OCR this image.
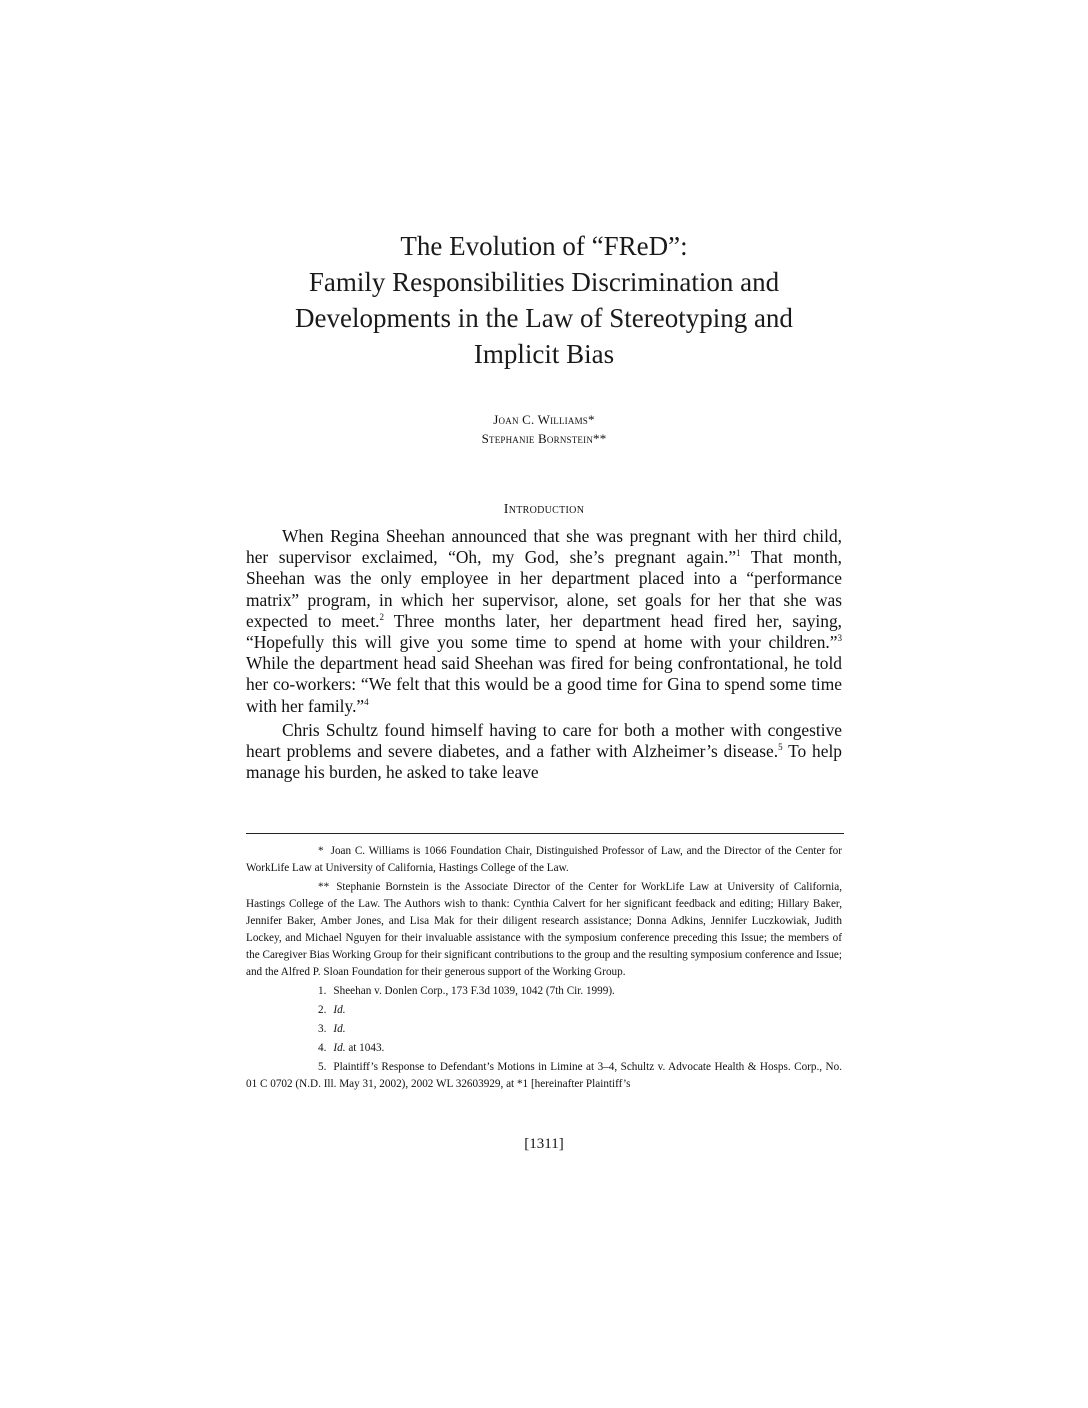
The Evolution of “FReD”:
Family Responsibilities Discrimination and
Developments in the Law of Stereotyping and
Implicit Bias
Joan C. Williams*
Stephanie Bornstein**
Introduction

When Regina Sheehan announced that she was pregnant with her third child, her supervisor exclaimed, “Oh, my God, she’s pregnant again.”$^1$ That month, Sheehan was the only employee in her department placed into a “performance matrix” program, in which her supervisor, alone, set goals for her that she was expected to meet.$^2$ Three months later, her department head fired her, saying, “Hopefully this will give you some time to spend at home with your children.”$^3$ While the department head said Sheehan was fired for being confrontational, he told her co-workers: “We felt that this would be a good time for Gina to spend some time with her family.”$^4$

Chris Schultz found himself having to care for both a mother with congestive heart problems and severe diabetes, and a father with Alzheimer’s disease.$^5$ To help manage his burden, he asked to take leave

* Joan C. Williams is 1066 Foundation Chair, Distinguished Professor of Law, and the Director of the Center for WorkLife Law at University of California, Hastings College of the Law.

** Stephanie Bornstein is the Associate Director of the Center for WorkLife Law at University of California, Hastings College of the Law. The Authors wish to thank: Cynthia Calvert for her significant feedback and editing; Hillary Baker, Jennifer Baker, Amber Jones, and Lisa Mak for their diligent research assistance; Donna Adkins, Jennifer Luczkowiak, Judith Lockey, and Michael Nguyen for their invaluable assistance with the symposium conference preceding this Issue; the members of the Caregiver Bias Working Group for their significant contributions to the group and the resulting symposium conference and Issue; and the Alfred P. Sloan Foundation for their generous support of the Working Group.

1. Sheehan v. Donlen Corp., 173 F.3d 1039, 1042 (7th Cir. 1999).

2. Id.

3. Id.

4. Id. at 1043.

5. Plaintiff’s Response to Defendant’s Motions in Limine at 3–4, Schultz v. Advocate Health & Hosps. Corp., No. 01 C 0702 (N.D. Ill. May 31, 2002), 2002 WL 32603929, at *1 [hereinafter Plaintiff’s

[1311]
